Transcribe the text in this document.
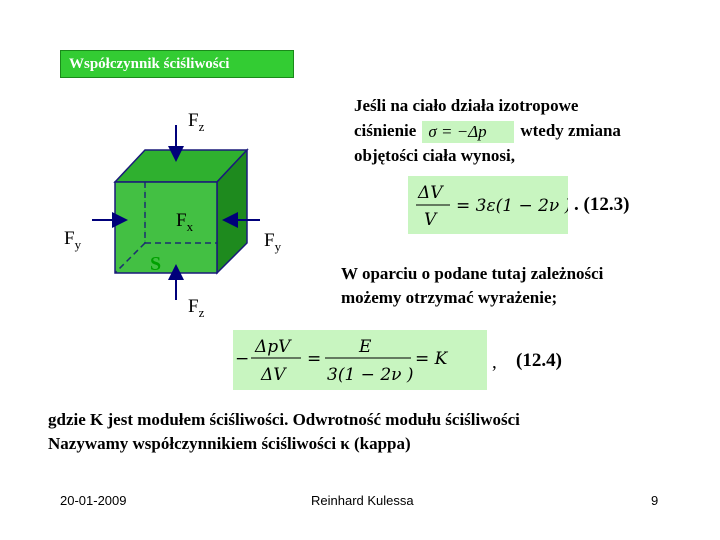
Współczynnik ściśliwości
$F_z$
$F_y$
$F_x$
$F_y$
$F_z$
S
Jeśli na ciało działa izotropowe
ciśnienie σ = −Δp wtedy zmiana
objętości ciała wynosi,
ΔV
V
= 3ε(1 − 2ν ) . (12.3)
W oparciu o podane tutaj zależności
możemy otrzymać wyrażenie;
−
ΔpV
ΔV
=
E
3(1 − 2ν )
= K , (12.4)
gdzie K jest modułem ściśliwości. Odwrotność modułu ściśliwości
Nazywamy współczynnikiem ściśliwości κ (kappa)
20-01-2009	Reinhard Kulessa	9
